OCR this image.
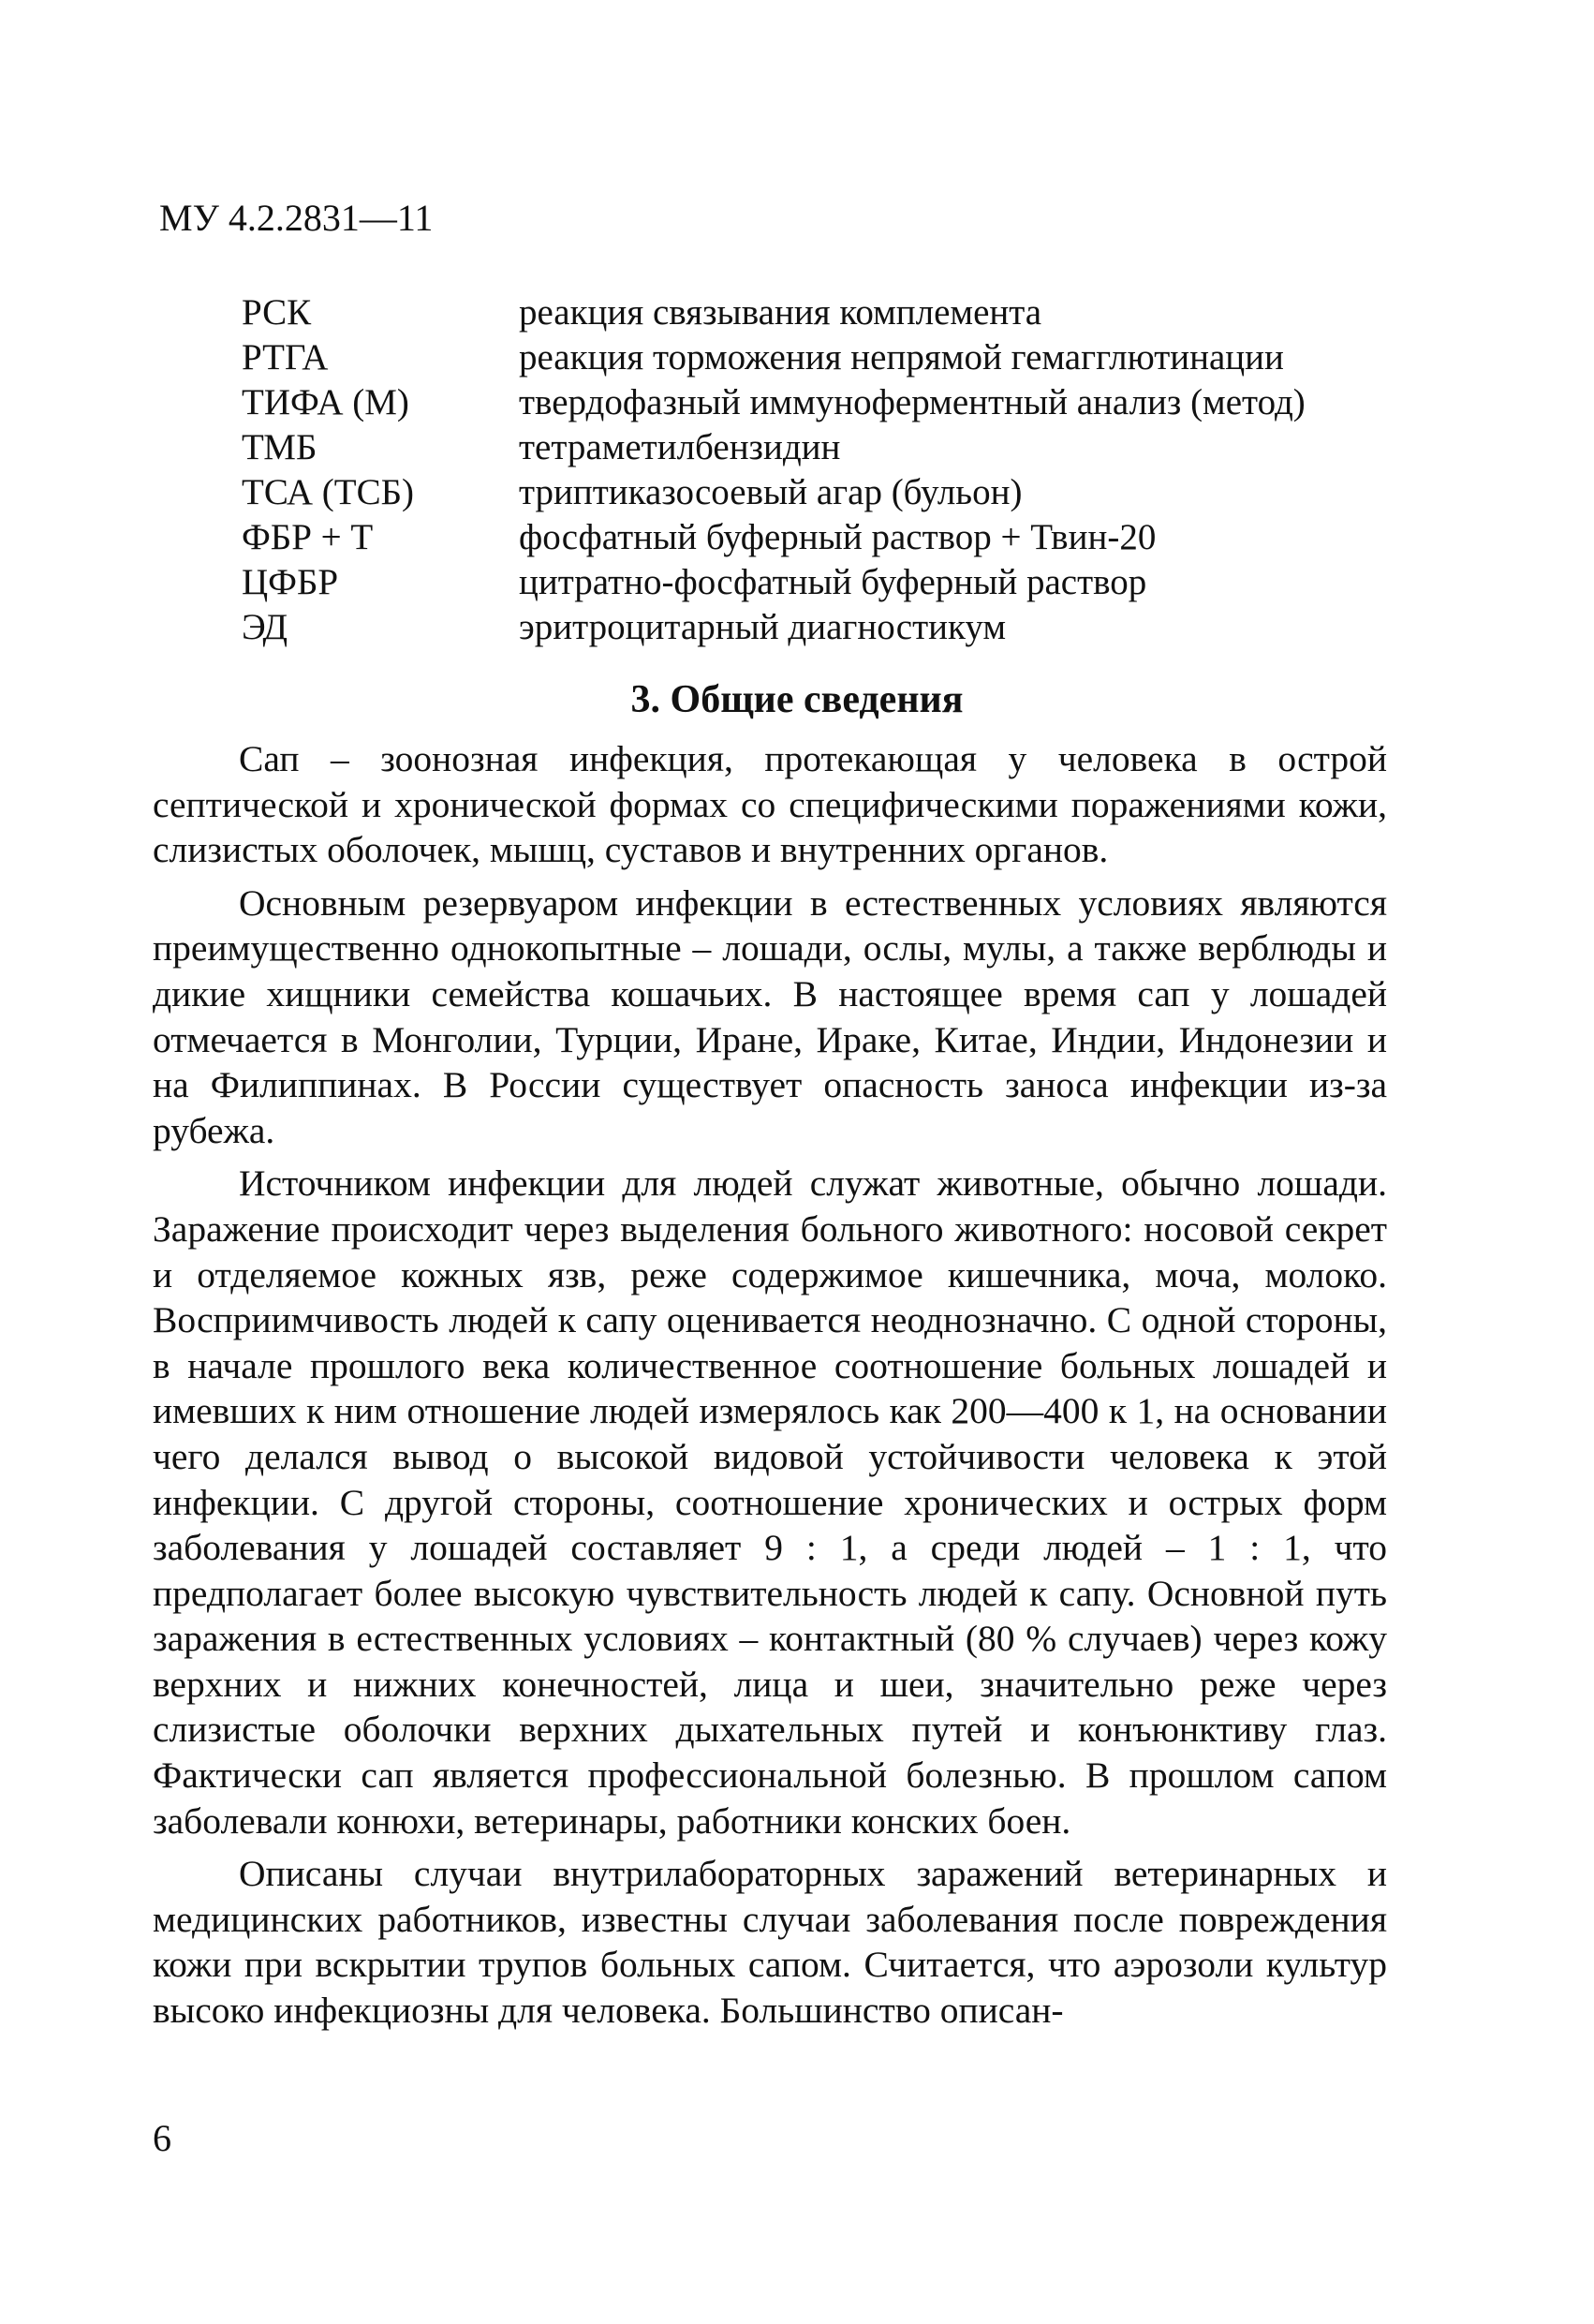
МУ 4.2.2831—11
РСК	реакция связывания комплемента
РТГА	реакция торможения непрямой гемагглютинации
ТИФА (М)	твердофазный иммуноферментный анализ (метод)
ТМБ	тетраметилбензидин
ТСА (ТСБ)	триптиказосоевый агар (бульон)
ФБР + Т	фосфатный буферный раствор + Твин-20
ЦФБР	цитратно-фосфатный буферный раствор
ЭД	эритроцитарный диагностикум
3. Общие сведения

Сап – зоонозная инфекция, протекающая у человека в острой септической и хронической формах со специфическими поражениями кожи, слизистых оболочек, мышц, суставов и внутренних органов.

Основным резервуаром инфекции в естественных условиях являются преимущественно однокопытные – лошади, ослы, мулы, а также верблюды и дикие хищники семейства кошачьих. В настоящее время сап у лошадей отмечается в Монголии, Турции, Иране, Ираке, Китае, Индии, Индонезии и на Филиппинах. В России существует опасность заноса инфекции из-за рубежа.

Источником инфекции для людей служат животные, обычно лошади. Заражение происходит через выделения больного животного: носовой секрет и отделяемое кожных язв, реже содержимое кишечника, моча, молоко. Восприимчивость людей к сапу оценивается неоднозначно. С одной стороны, в начале прошлого века количественное соотношение больных лошадей и имевших к ним отношение людей измерялось как 200—400 к 1, на основании чего делался вывод о высокой видовой устойчивости человека к этой инфекции. С другой стороны, соотношение хронических и острых форм заболевания у лошадей составляет 9 : 1, а среди людей – 1 : 1, что предполагает более высокую чувствительность людей к сапу. Основной путь заражения в естественных условиях – контактный (80 % случаев) через кожу верхних и нижних конечностей, лица и шеи, значительно реже через слизистые оболочки верхних дыхательных путей и конъюнктиву глаз. Фактически сап является профессиональной болезнью. В прошлом сапом заболевали конюхи, ветеринары, работники конских боен.

Описаны случаи внутрилабораторных заражений ветеринарных и медицинских работников, известны случаи заболевания после повреждения кожи при вскрытии трупов больных сапом. Считается, что аэрозоли культур высоко инфекциозны для человека. Большинство описан-

6
